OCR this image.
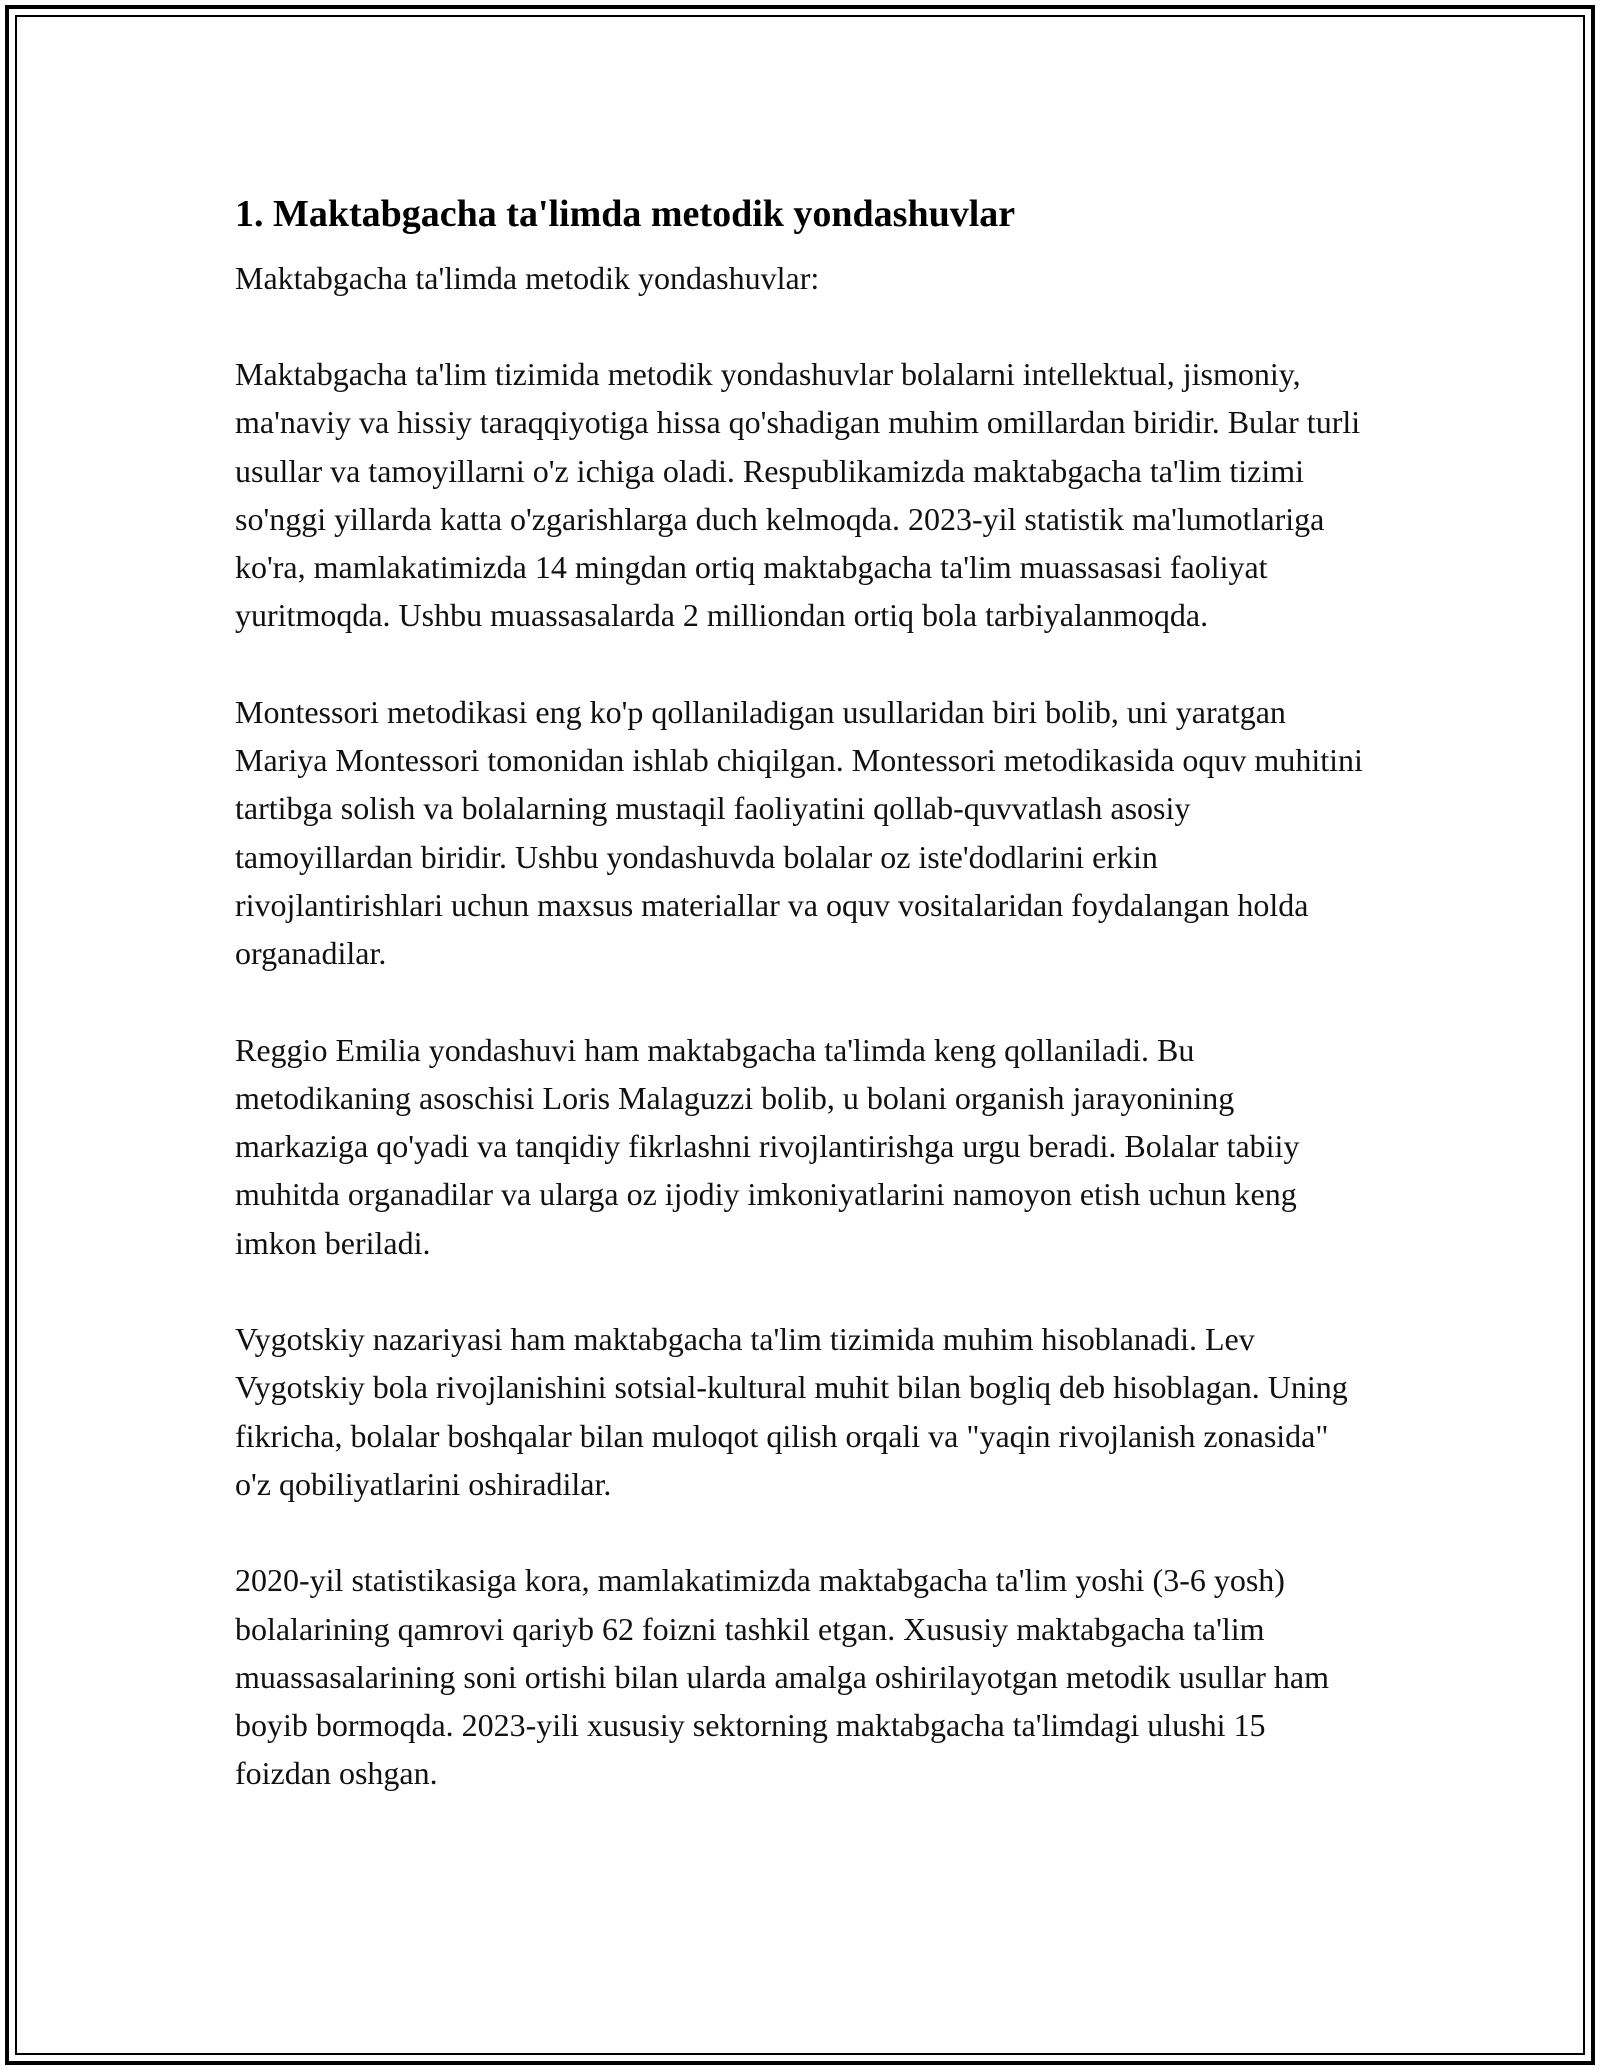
1. Maktabgacha ta'limda metodik yondashuvlar

Maktabgacha ta'limda metodik yondashuvlar:

Maktabgacha ta'lim tizimida metodik yondashuvlar bolalarni intellektual, jismoniy, ma'naviy va hissiy taraqqiyotiga hissa qo'shadigan muhim omillardan biridir. Bular turli usullar va tamoyillarni o'z ichiga oladi. Respublikamizda maktabgacha ta'lim tizimi so'nggi yillarda katta o'zgarishlarga duch kelmoqda. 2023-yil statistik ma'lumotlariga ko'ra, mamlakatimizda 14 mingdan ortiq maktabgacha ta'lim muassasasi faoliyat yuritmoqda. Ushbu muassasalarda 2 milliondan ortiq bola tarbiyalanmoqda.

Montessori metodikasi eng ko'p qollaniladigan usullaridan biri bolib, uni yaratgan Mariya Montessori tomonidan ishlab chiqilgan. Montessori metodikasida oquv muhitini tartibga solish va bolalarning mustaqil faoliyatini qollab-quvvatlash asosiy tamoyillardan biridir. Ushbu yondashuvda bolalar oz iste'dodlarini erkin rivojlantirishlari uchun maxsus materiallar va oquv vositalaridan foydalangan holda organadilar.

Reggio Emilia yondashuvi ham maktabgacha ta'limda keng qollaniladi. Bu metodikaning asoschisi Loris Malaguzzi bolib, u bolani organish jarayonining markaziga qo'yadi va tanqidiy fikrlashni rivojlantirishga urgu beradi. Bolalar tabiiy muhitda organadilar va ularga oz ijodiy imkoniyatlarini namoyon etish uchun keng imkon beriladi.

Vygotskiy nazariyasi ham maktabgacha ta'lim tizimida muhim hisoblanadi. Lev Vygotskiy bola rivojlanishini sotsial-kultural muhit bilan bogliq deb hisoblagan. Uning fikricha, bolalar boshqalar bilan muloqot qilish orqali va "yaqin rivojlanish zonasida" o'z qobiliyatlarini oshiradilar.

2020-yil statistikasiga kora, mamlakatimizda maktabgacha ta'lim yoshi (3-6 yosh) bolalarining qamrovi qariyb 62 foizni tashkil etgan. Xususiy maktabgacha ta'lim muassasalarining soni ortishi bilan ularda amalga oshirilayotgan metodik usullar ham boyib bormoqda. 2023-yili xususiy sektorning maktabgacha ta'limdagi ulushi 15 foizdan oshgan.
